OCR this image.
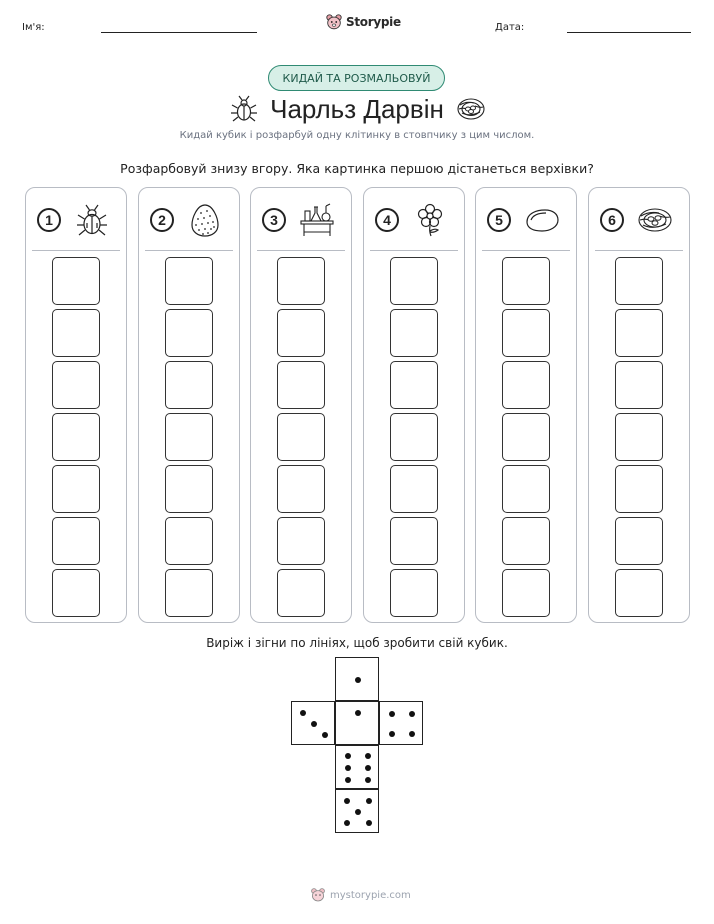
Ім'я:	Storypie	Дата:
КИДАЙ ТА РОЗМАЛЬОВУЙ
Чарльз Дарвін
Кидай кубик і розфарбуй одну клітинку в стовпчику з цим числом.
Розфарбовуй знизу вгору. Яка картинка першою дістанеться верхівки?
1	2	3	4	5	6
Виріж і зігни по лініях, щоб зробити свій кубик.
mystorypie.com
